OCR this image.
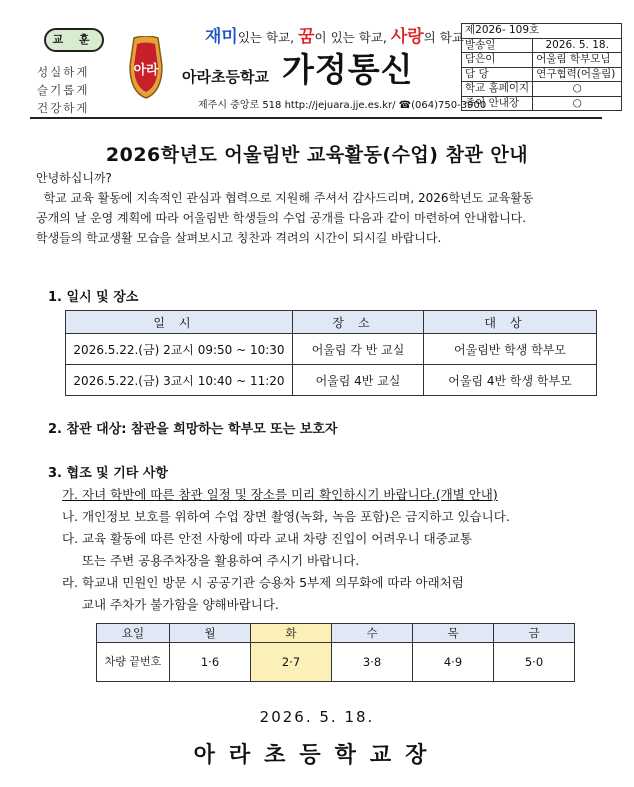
교 훈
성실하게
슬기롭게
건강하게
아라
재미있는 학교, 꿈이 있는 학교, 사랑의 학교
아라초등학교 가정통신
제주시 중앙로 518 http://jejuara.jje.es.kr/ ☎(064)750-3900
제2026- 109호	
발송일	2026. 5. 18.
담은이	어울림 학부모님
담 당	연구협력(어울림)
학교 홈페이지	○
종이 안내장	○
2026학년도 어울림반 교육활동(수업) 참관 안내
안녕하십니까?
학교 교육 활동에 지속적인 관심과 협력으로 지원해 주셔서 감사드리며, 2026학년도 교육활동
공개의 날 운영 계획에 따라 어울림반 학생들의 수업 공개를 다음과 같이 마련하여 안내합니다.
학생들의 학교생활 모습을 살펴보시고 칭찬과 격려의 시간이 되시길 바랍니다.
1. 일시 및 장소
일시	장소	대상
2026.5.22.(금) 2교시 09:50 ~ 10:30	어울림 각 반 교실	어울림반 학생 학부모
2026.5.22.(금) 3교시 10:40 ~ 11:20	어울림 4반 교실	어울림 4반 학생 학부모
2. 참관 대상: 참관을 희망하는 학부모 또는 보호자
3. 협조 및 기타 사항
가. 자녀 학반에 따른 참관 일정 및 장소를 미리 확인하시기 바랍니다.(개별 안내)
나. 개인정보 보호를 위하여 수업 장면 촬영(녹화, 녹음 포함)은 금지하고 있습니다.
다. 교육 활동에 따른 안전 사항에 따라 교내 차량 진입이 어려우니 대중교통
또는 주변 공용주차장을 활용하여 주시기 바랍니다.
라. 학교내 민원인 방문 시 공공기관 승용차 5부제 의무화에 따라 아래처럼
교내 주차가 불가함을 양해바랍니다.
요일	월	화	수	목	금
차량 끝번호	1·6	2·7	3·8	4·9	5·0
2026. 5. 18.
아라초등학교장
